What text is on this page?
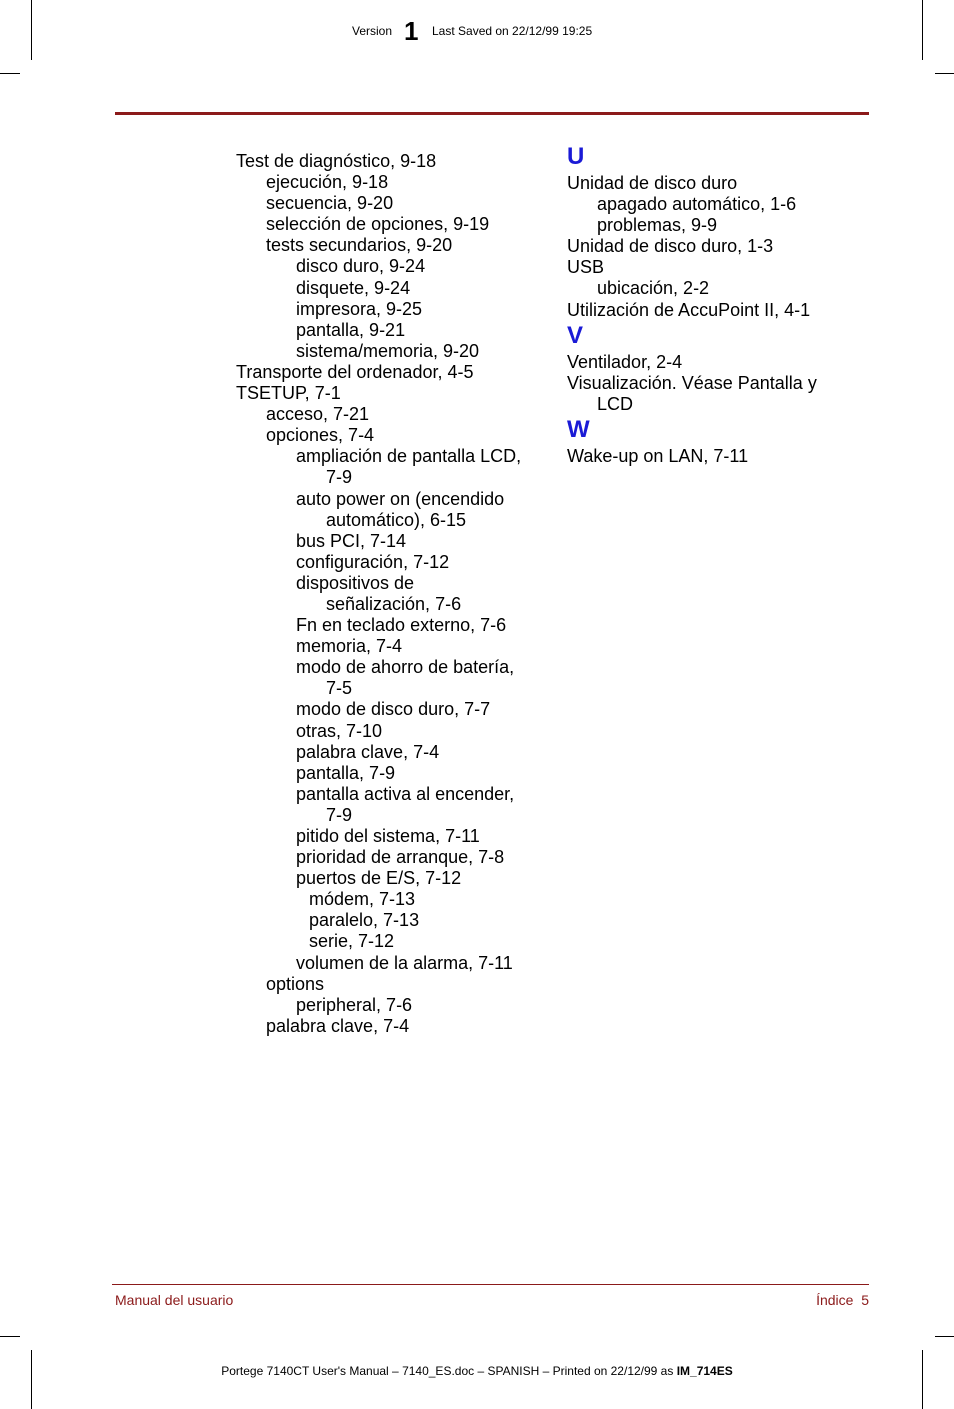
Version 1 Last Saved on 22/12/99 19:25
Test de diagnóstico, 9-18
ejecución, 9-18
secuencia, 9-20
selección de opciones, 9-19
tests secundarios, 9-20
disco duro, 9-24
disquete, 9-24
impresora, 9-25
pantalla, 9-21
sistema/memoria, 9-20
Transporte del ordenador, 4-5
TSETUP, 7-1
acceso, 7-21
opciones, 7-4
ampliación de pantalla LCD,
7-9
auto power on (encendido
automático), 6-15
bus PCI, 7-14
configuración, 7-12
dispositivos de
señalización, 7-6
Fn en teclado externo, 7-6
memoria, 7-4
modo de ahorro de batería,
7-5
modo de disco duro, 7-7
otras, 7-10
palabra clave, 7-4
pantalla, 7-9
pantalla activa al encender,
7-9
pitido del sistema, 7-11
prioridad de arranque, 7-8
puertos de E/S, 7-12
módem, 7-13
paralelo, 7-13
serie, 7-12
volumen de la alarma, 7-11
options
peripheral, 7-6
palabra clave, 7-4
U
Unidad de disco duro
apagado automático, 1-6
problemas, 9-9
Unidad de disco duro, 1-3
USB
ubicación, 2-2
Utilización de AccuPoint II, 4-1
V
Ventilador, 2-4
Visualización. Véase Pantalla y
LCD
W
Wake-up on LAN, 7-11
Manual del usuario	Índice  5
Portege 7140CT User's Manual – 7140_ES.doc – SPANISH – Printed on 22/12/99 as IM_714ES
